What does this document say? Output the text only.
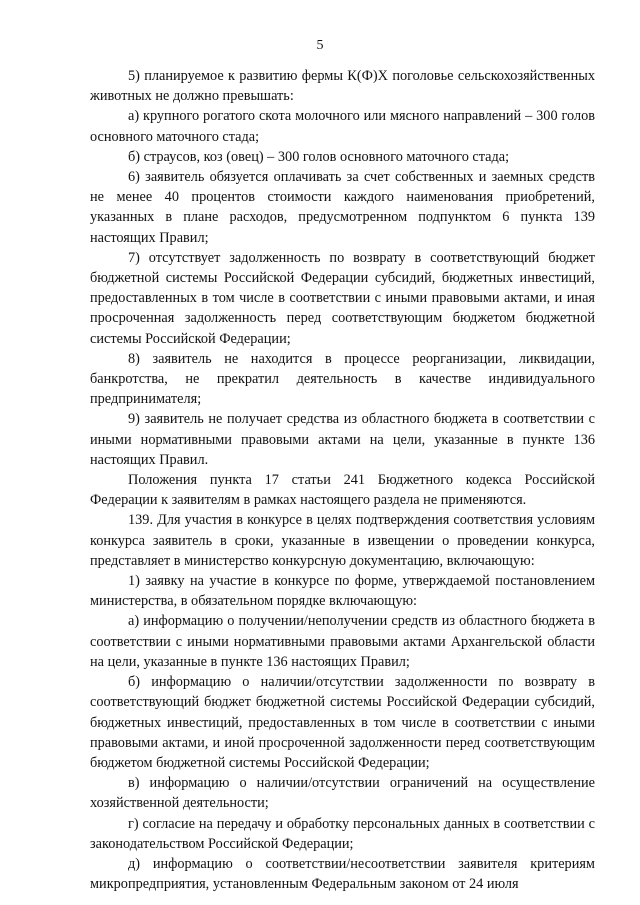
5

5) планируемое к развитию фермы К(Ф)Х поголовье сельскохозяйственных животных не должно превышать:

а) крупного рогатого скота молочного или мясного направлений – 300 голов основного маточного стада;

б) страусов, коз (овец) – 300 голов основного маточного стада;

6) заявитель обязуется оплачивать за счет собственных и заемных средств не менее 40 процентов стоимости каждого наименования приобретений, указанных в плане расходов, предусмотренном подпунктом 6 пункта 139 настоящих Правил;

7) отсутствует задолженность по возврату в соответствующий бюджет бюджетной системы Российской Федерации субсидий, бюджетных инвестиций, предоставленных в том числе в соответствии с иными правовыми актами, и иная просроченная задолженность перед соответствующим бюджетом бюджетной системы Российской Федерации;

8) заявитель не находится в процессе реорганизации, ликвидации, банкротства, не прекратил деятельность в качестве индивидуального предпринимателя;

9) заявитель не получает средства из областного бюджета в соответствии с иными нормативными правовыми актами на цели, указанные в пункте 136 настоящих Правил.

Положения пункта 17 статьи 241 Бюджетного кодекса Российской Федерации к заявителям в рамках настоящего раздела не применяются.

139. Для участия в конкурсе в целях подтверждения соответствия условиям конкурса заявитель в сроки, указанные в извещении о проведении конкурса, представляет в министерство конкурсную документацию, включающую:

1) заявку на участие в конкурсе по форме, утверждаемой постановлением министерства, в обязательном порядке включающую:

а) информацию о получении/неполучении средств из областного бюджета в соответствии с иными нормативными правовыми актами Архангельской области на цели, указанные в пункте 136 настоящих Правил;

б) информацию о наличии/отсутствии задолженности по возврату в соответствующий бюджет бюджетной системы Российской Федерации субсидий, бюджетных инвестиций, предоставленных в том числе в соответствии с иными правовыми актами, и иной просроченной задолженности перед соответствующим бюджетом бюджетной системы Российской Федерации;

в) информацию о наличии/отсутствии ограничений на осуществление хозяйственной деятельности;

г) согласие на передачу и обработку персональных данных в соответствии с законодательством Российской Федерации;

д) информацию о соответствии/несоответствии заявителя критериям микропредприятия, установленным Федеральным законом от 24 июля
